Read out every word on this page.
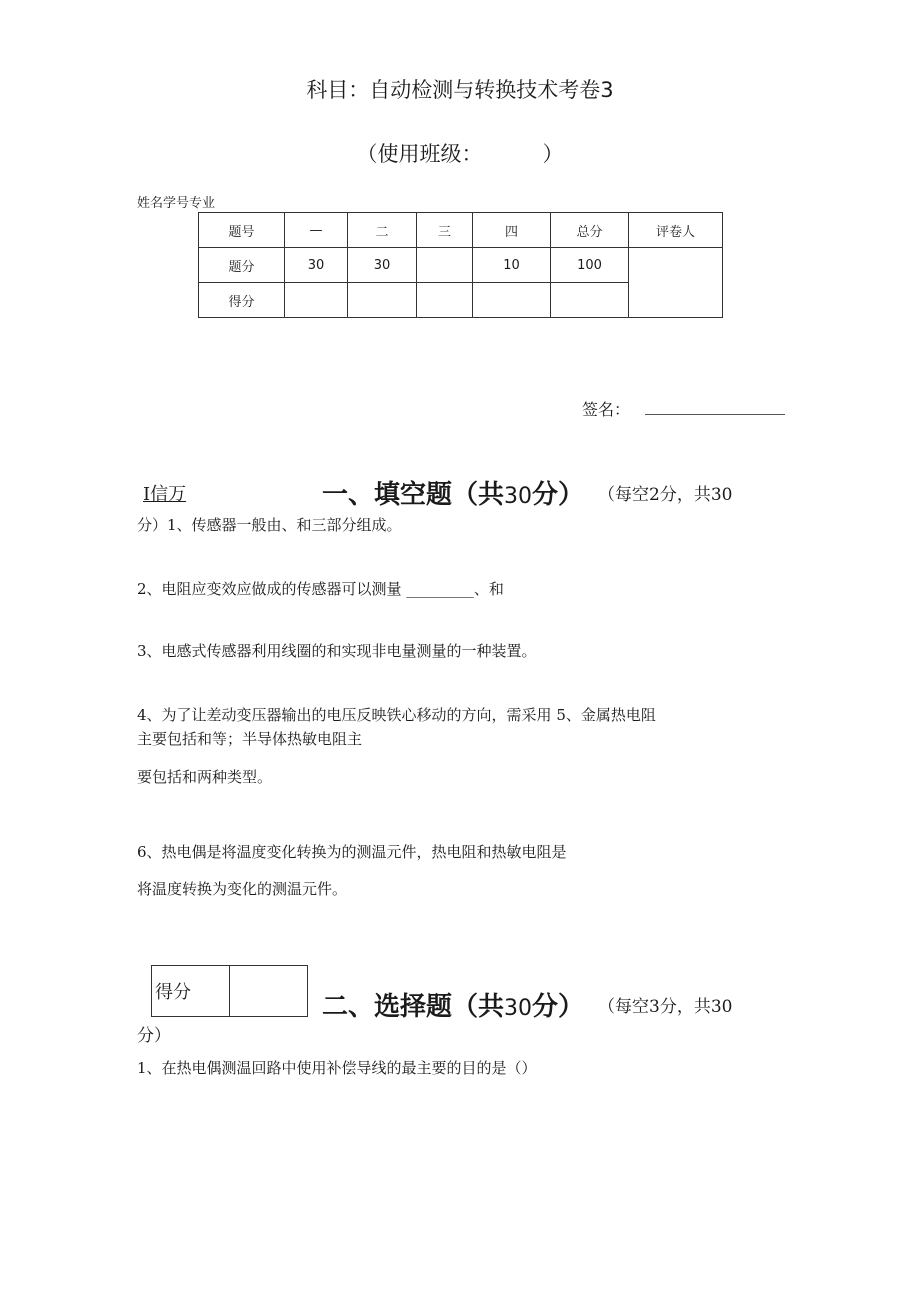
科目：自动检测与转换技术考卷3
（使用班级：	）
姓名学号专业
题号	—	二	三	四	总分	评卷人
题分	30	30		10	100	
得分						
签名：
I信万	一、填空题（共30分） （每空2分，共30
分）1、传感器一般由、和三部分组成。
2、电阻应变效应做成的传感器可以测量 _________、和
3、电感式传感器利用线圈的和实现非电量测量的一种装置。
4、为了让差动变压器输出的电压反映铁心移动的方向，需采用 5、金属热电阻
主要包括和等；半导体热敏电阻主
要包括和两种类型。
6、热电偶是将温度变化转换为的测温元件，热电阻和热敏电阻是
将温度转换为变化的测温元件。
得分	二、选择题（共30分） （每空3分，共30
分）
1、在热电偶测温回路中使用补偿导线的最主要的目的是（）
